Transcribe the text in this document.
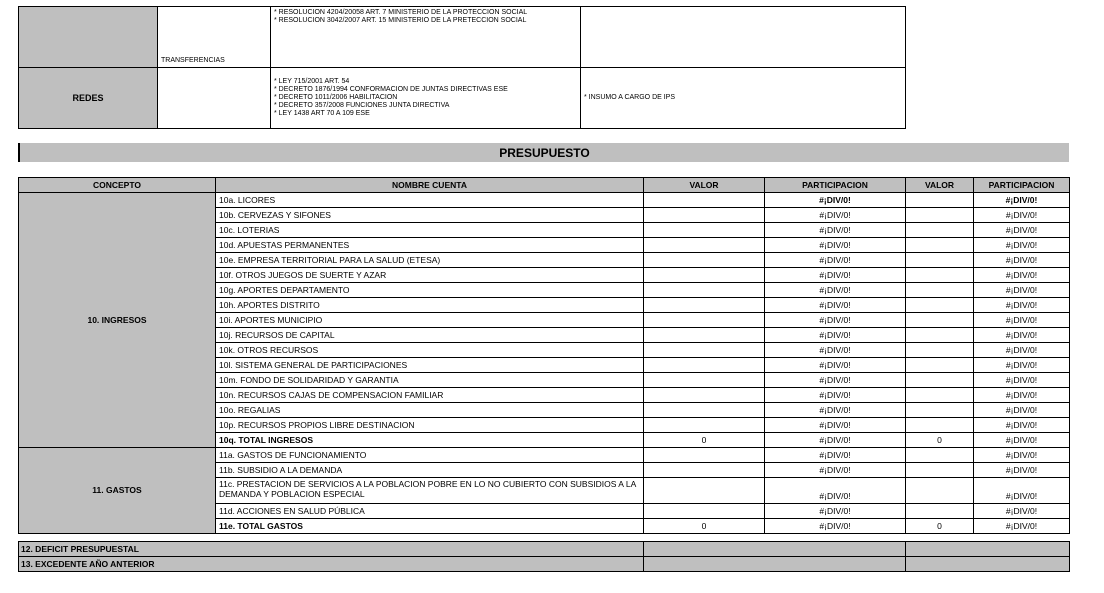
	TRANSFERENCIAS	* RESOLUCION 4204/20058 ART. 7 MINISTERIO DE LA PROTECCION SOCIAL
* RESOLUCION 3042/2007 ART. 15 MINISTERIO DE LA PRETECCION SOCIAL	

REDES		* LEY 715/2001 ART. 54
* DECRETO 1876/1994 CONFORMACION DE JUNTAS DIRECTIVAS ESE
* DECRETO 1011/2006 HABILITACION
* DECRETO 357/2008 FUNCIONES JUNTA DIRECTIVA
* LEY 1438 ART 70 A 109 ESE	* INSUMO A CARGO DE IPS
PRESUPUESTO
CONCEPTO	NOMBRE CUENTA	VALOR	PARTICIPACION	VALOR	PARTICIPACION
10. INGRESOS	10a. LICORES		#¡DIV/0!		#¡DIV/0!
	10b. CERVEZAS Y SIFONES		#¡DIV/0!		#¡DIV/0!
	10c. LOTERIAS		#¡DIV/0!		#¡DIV/0!
	10d. APUESTAS PERMANENTES		#¡DIV/0!		#¡DIV/0!
	10e. EMPRESA TERRITORIAL PARA LA SALUD (ETESA)		#¡DIV/0!		#¡DIV/0!
	10f. OTROS JUEGOS DE SUERTE Y AZAR		#¡DIV/0!		#¡DIV/0!
	10g. APORTES DEPARTAMENTO		#¡DIV/0!		#¡DIV/0!
	10h. APORTES DISTRITO		#¡DIV/0!		#¡DIV/0!
	10i. APORTES MUNICIPIO		#¡DIV/0!		#¡DIV/0!
	10j. RECURSOS DE CAPITAL		#¡DIV/0!		#¡DIV/0!
	10k. OTROS RECURSOS		#¡DIV/0!		#¡DIV/0!
	10l. SISTEMA GENERAL DE PARTICIPACIONES		#¡DIV/0!		#¡DIV/0!
	10m. FONDO DE SOLIDARIDAD Y GARANTIA		#¡DIV/0!		#¡DIV/0!
	10n. RECURSOS CAJAS DE COMPENSACION FAMILIAR		#¡DIV/0!		#¡DIV/0!
	10o. REGALIAS		#¡DIV/0!		#¡DIV/0!
	10p. RECURSOS PROPIOS LIBRE DESTINACION		#¡DIV/0!		#¡DIV/0!
	10q. TOTAL INGRESOS	0	#¡DIV/0!	0	#¡DIV/0!
11. GASTOS	11a. GASTOS DE FUNCIONAMIENTO		#¡DIV/0!		#¡DIV/0!
	11b. SUBSIDIO A LA DEMANDA		#¡DIV/0!		#¡DIV/0!
	11c. PRESTACION DE SERVICIOS A LA POBLACION POBRE EN LO NO CUBIERTO CON SUBSIDIOS A LA DEMANDA Y POBLACION ESPECIAL		#¡DIV/0!		#¡DIV/0!
	11d. ACCIONES EN SALUD PÚBLICA		#¡DIV/0!		#¡DIV/0!
	11e. TOTAL GASTOS	0	#¡DIV/0!	0	#¡DIV/0!
12. DEFICIT PRESUPUESTAL		
13. EXCEDENTE AÑO ANTERIOR		
